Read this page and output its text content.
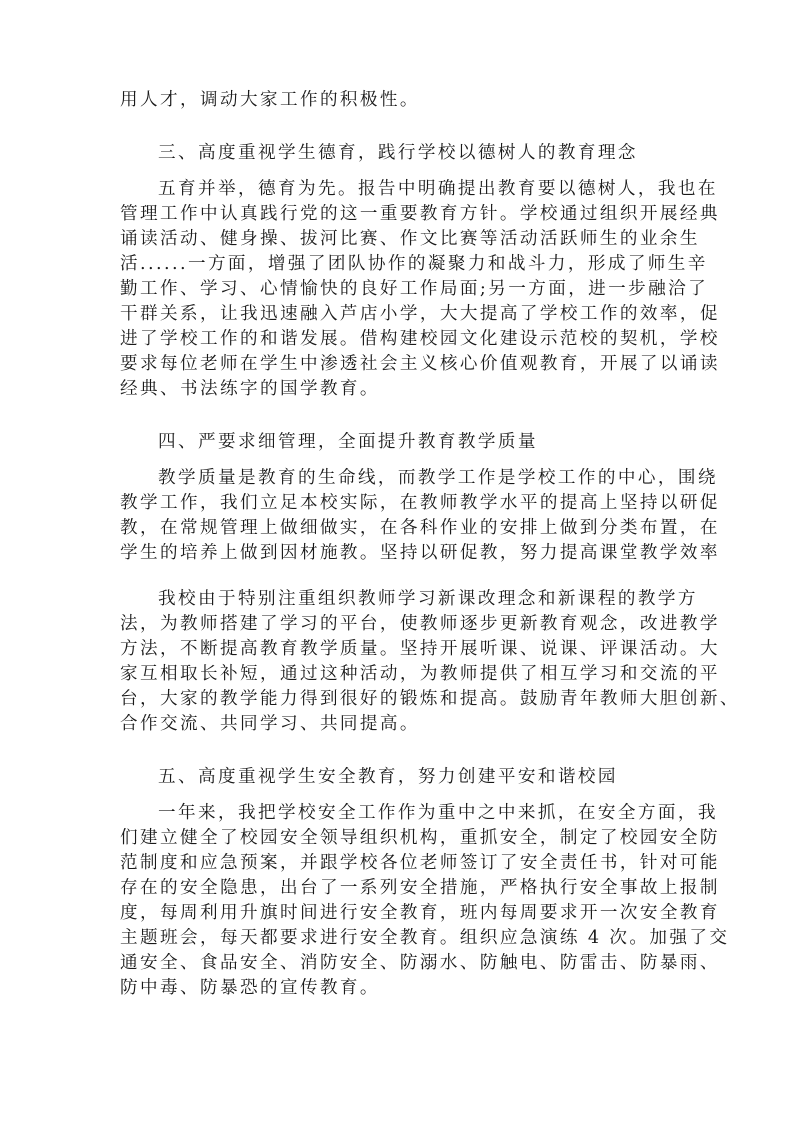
用人才，调动大家工作的积极性。
三、高度重视学生德育，践行学校以德树人的教育理念
五育并举，德育为先。报告中明确提出教育要以德树人，我也在
管理工作中认真践行党的这一重要教育方针。学校通过组织开展经典
诵读活动、健身操、拔河比赛、作文比赛等活动活跃师生的业余生
活......一方面，增强了团队协作的凝聚力和战斗力，形成了师生辛
勤工作、学习、心情愉快的良好工作局面;另一方面，进一步融洽了
干群关系，让我迅速融入芦店小学，大大提高了学校工作的效率，促
进了学校工作的和谐发展。借构建校园文化建设示范校的契机，学校
要求每位老师在学生中渗透社会主义核心价值观教育，开展了以诵读
经典、书法练字的国学教育。
四、严要求细管理，全面提升教育教学质量
教学质量是教育的生命线，而教学工作是学校工作的中心，围绕
教学工作，我们立足本校实际，在教师教学水平的提高上坚持以研促
教，在常规管理上做细做实，在各科作业的安排上做到分类布置，在
学生的培养上做到因材施教。坚持以研促教，努力提高课堂教学效率
我校由于特别注重组织教师学习新课改理念和新课程的教学方
法，为教师搭建了学习的平台，使教师逐步更新教育观念，改进教学
方法，不断提高教育教学质量。坚持开展听课、说课、评课活动。大
家互相取长补短，通过这种活动，为教师提供了相互学习和交流的平
台，大家的教学能力得到很好的锻炼和提高。鼓励青年教师大胆创新、
合作交流、共同学习、共同提高。
五、高度重视学生安全教育，努力创建平安和谐校园
一年来，我把学校安全工作作为重中之中来抓，在安全方面，我
们建立健全了校园安全领导组织机构，重抓安全，制定了校园安全防
范制度和应急预案，并跟学校各位老师签订了安全责任书，针对可能
存在的安全隐患，出台了一系列安全措施，严格执行安全事故上报制
度，每周利用升旗时间进行安全教育，班内每周要求开一次安全教育
主题班会，每天都要求进行安全教育。组织应急演练 4 次。加强了交
通安全、食品安全、消防安全、防溺水、防触电、防雷击、防暴雨、
防中毒、防暴恐的宣传教育。
